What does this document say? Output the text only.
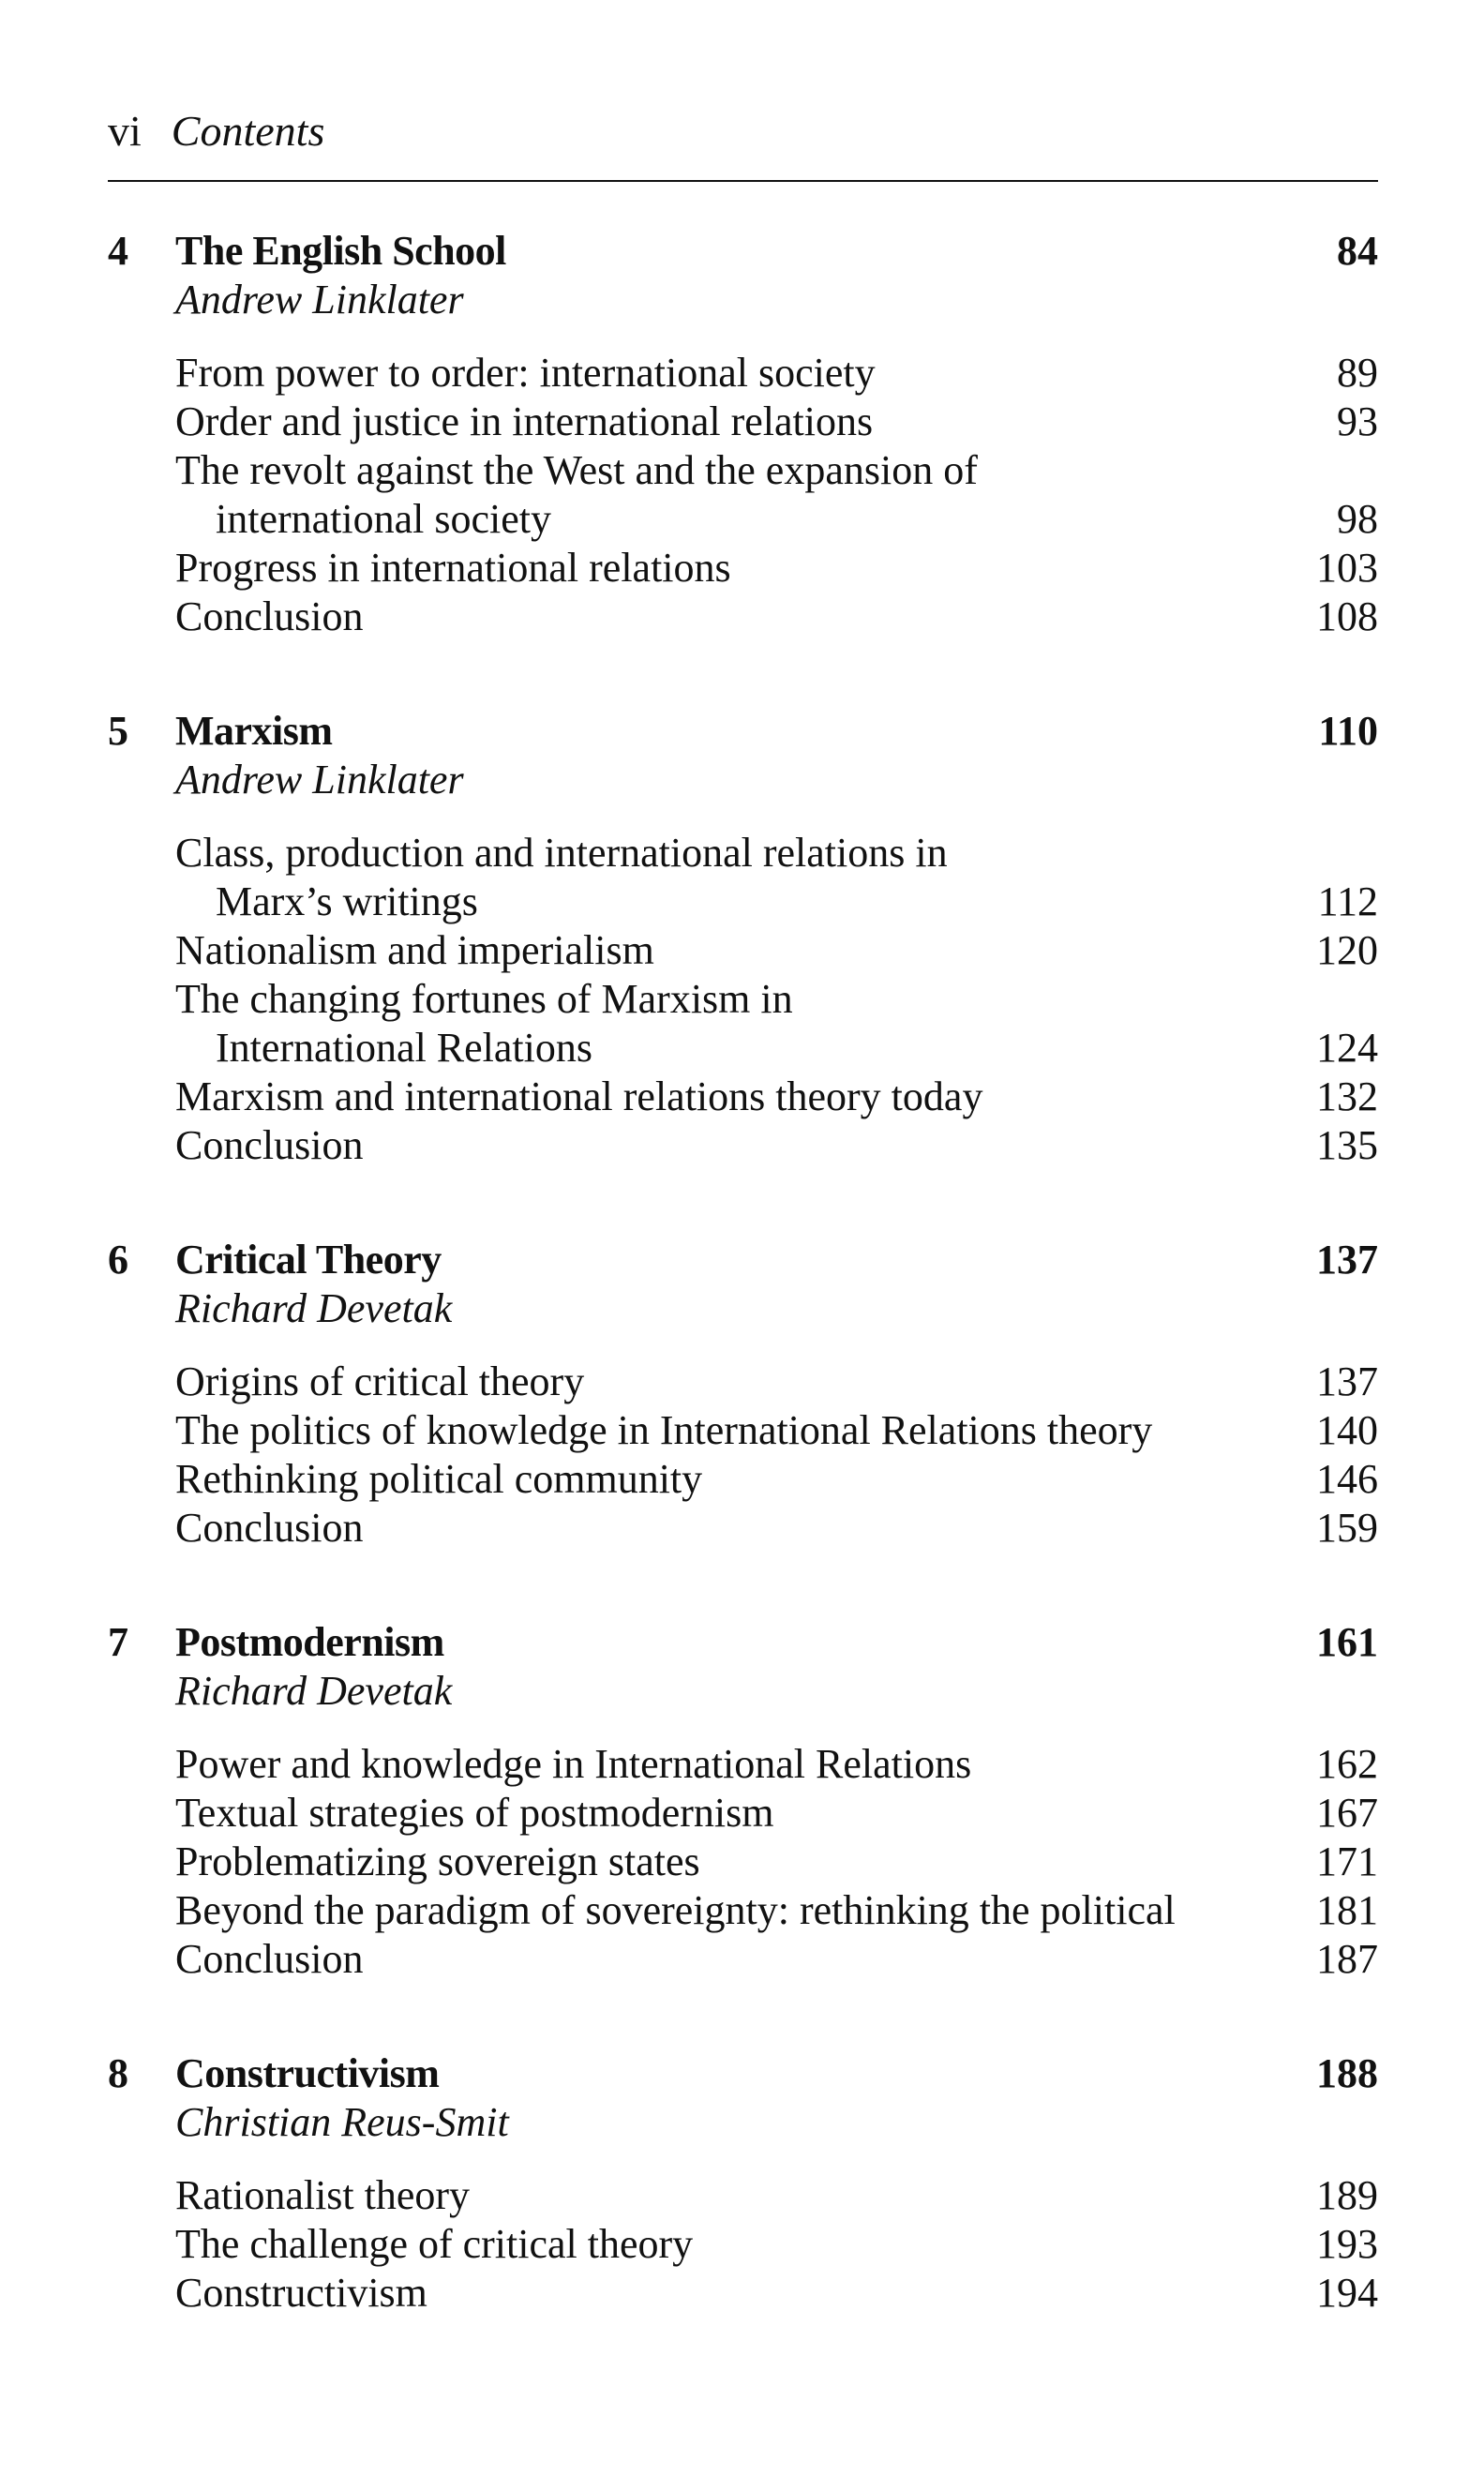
vi Contents
4 The English School	84
Andrew Linklater
From power to order: international society	89
Order and justice in international relations	93
The revolt against the West and the expansion of
international society	98
Progress in international relations	103
Conclusion	108
5 Marxism	110
Andrew Linklater
Class, production and international relations in
Marx’s writings	112
Nationalism and imperialism	120
The changing fortunes of Marxism in
International Relations	124
Marxism and international relations theory today	132
Conclusion	135
6 Critical Theory	137
Richard Devetak
Origins of critical theory	137
The politics of knowledge in International Relations theory	140
Rethinking political community	146
Conclusion	159
7 Postmodernism	161
Richard Devetak
Power and knowledge in International Relations	162
Textual strategies of postmodernism	167
Problematizing sovereign states	171
Beyond the paradigm of sovereignty: rethinking the political	181
Conclusion	187
8 Constructivism	188
Christian Reus-Smit
Rationalist theory	189
The challenge of critical theory	193
Constructivism	194
